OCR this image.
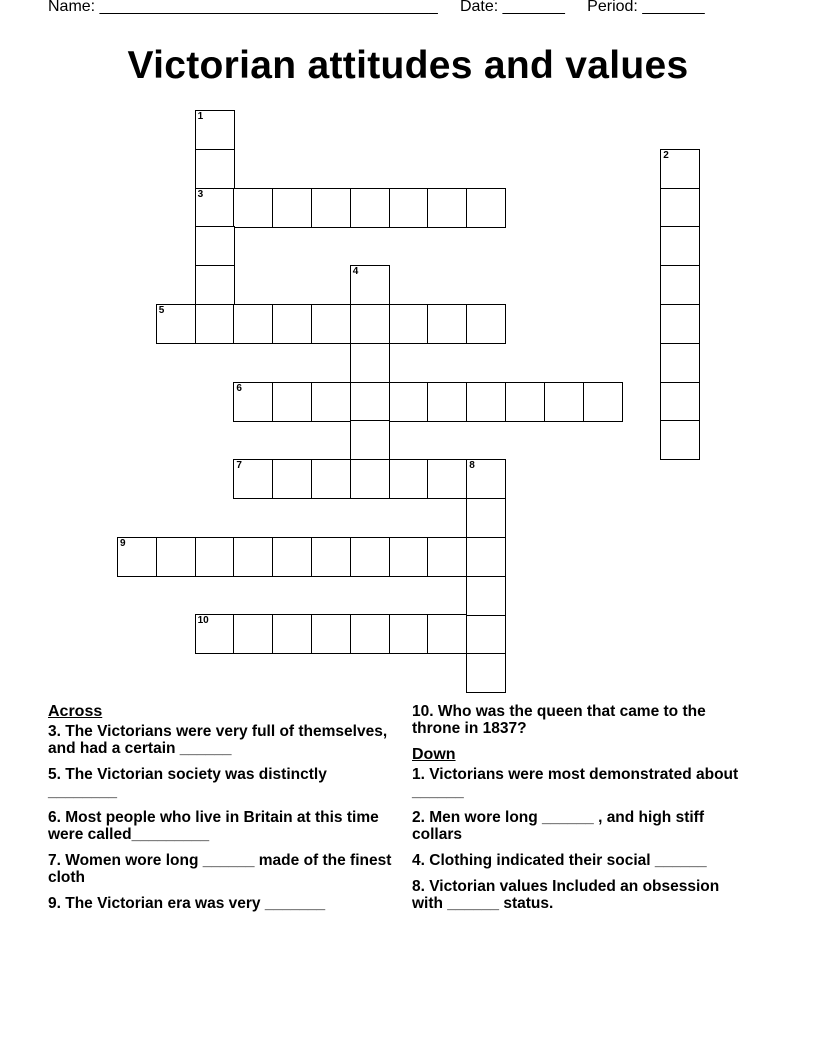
Name: ______________________________________ Date: _______ Period: _______
Victorian attitudes and values
3
5
6
7	8
9
10
1
2
4
Across
3. The Victorians were very full of themselves, and had a certain ______
5. The Victorian society was distinctly ________
6. Most people who live in Britain at this time were called_________
7. Women wore long ______ made of the finest cloth
9. The Victorian era was very _______
10. Who was the queen that came to the throne in 1837?
Down
1. Victorians were most demonstrated about ______
2. Men wore long ______ , and high stiff collars
4. Clothing indicated their social ______
8. Victorian values Included an obsession with ______ status.
